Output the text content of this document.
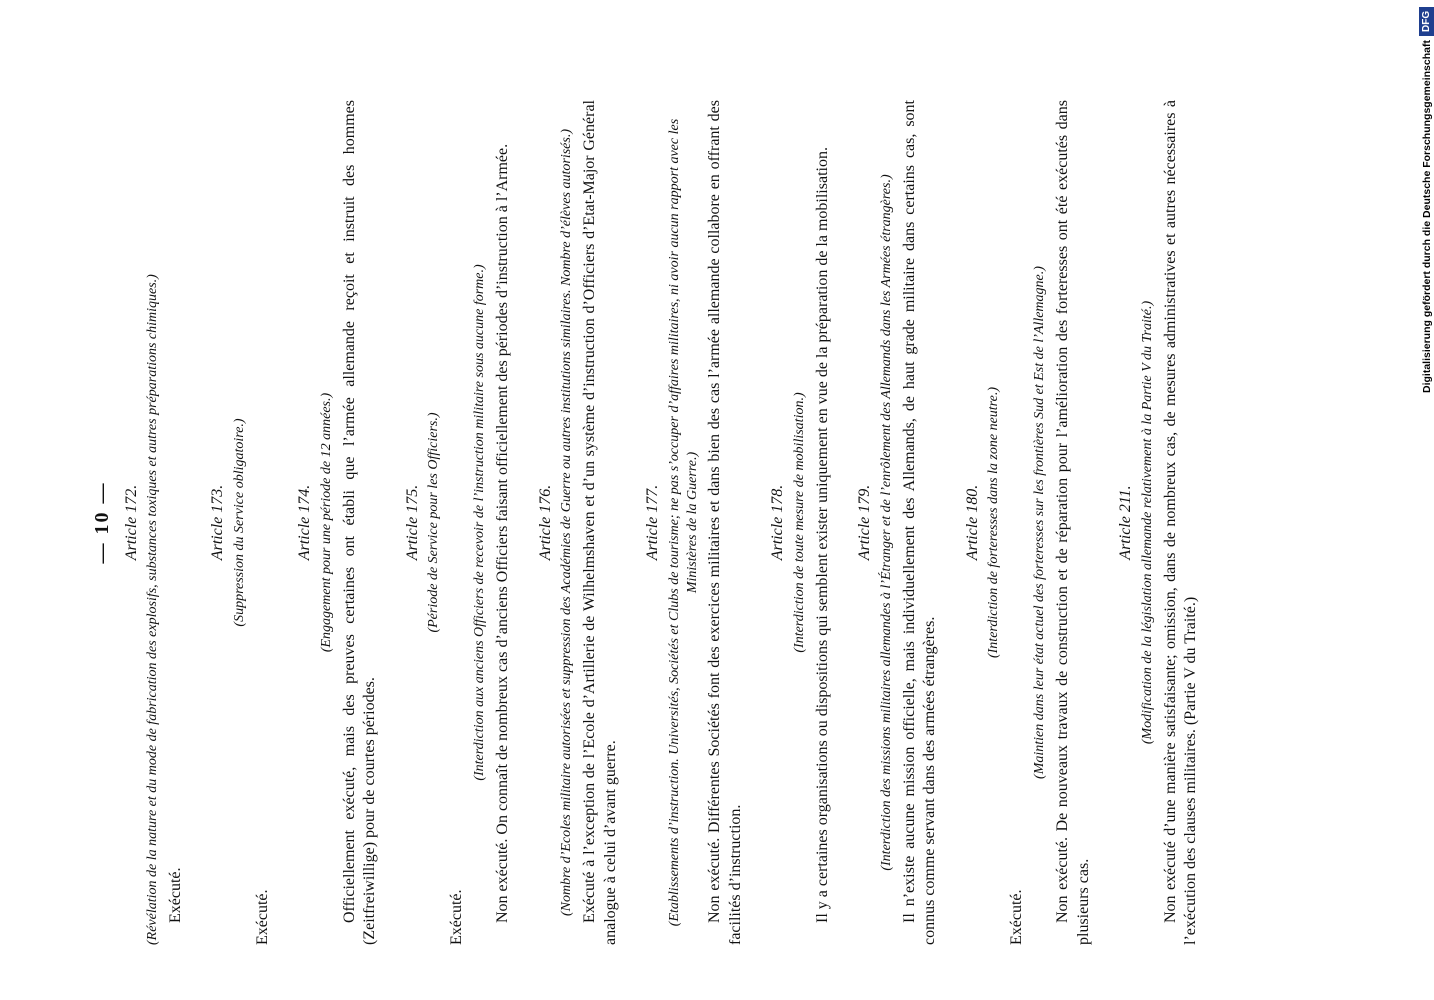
— 10 — Article 172. (Révélation de la nature et du mode de fabrication des explosifs, substances toxiques et autres préparations chimiques.) Exécuté.

Article 173. (Suppression du Service obligatoire.)

Exécuté.

Article 174. (Engagement pour une période de 12 années.) Officiellement exécuté, mais des preuves certaines ont établi que l’armée allemande reçoit et instruit des hommes (Zeitfreiwillige) pour de courtes périodes.

Article 175. (Période de Service pour les Officiers.)

Exécuté.

(Interdiction aux anciens Officiers de recevoir de l’instruction militaire sous aucune forme.) Non exécuté. On connaît de nombreux cas d’anciens Officiers faisant officiellement des périodes d’instruction à l’Armée. Article 176. (Nombre d’Ecoles militaire autorisées et suppression des Académies de Guerre ou autres institutions similaires. Nombre d’élèves autorisés.) Exécuté à l’exception de l’Ecole d’Artillerie de Wilhelmshaven et d’un système d’instruction d’Officiers d’Etat-Major Général analogue à celui d’avant guerre.

Article 177. (Etablissements d’instruction. Universités, Sociétés et Clubs de tourisme; ne pas s’occuper d’affaires militaires, ni avoir aucun rapport avec les Ministères de la Guerre.) Non exécuté. Différentes Sociétés font des exercices militaires et dans bien des cas l’armée allemande collabore en offrant des facilités d’instruction.

Article 178. (Interdiction de toute mesure de mobilisation.) Il y a certaines organisations ou dispositions qui semblent exister uniquement en vue de la préparation de la mobilisation. Article 179. (Interdiction des missions militaires allemandes à l’Étranger et de l’enrôlement des Allemands dans les Armées étrangères.) Il n’existe aucune mission officielle, mais individuellement des Allemands, de haut grade militaire dans certains cas, sont connus comme servant dans des armées étrangères.

Article 180. (Interdiction de forteresses dans la zone neutre.)

Exécuté.

(Maintien dans leur état actuel des forteresses sur les frontières Sud et Est de l’Allemagne.) Non exécuté. De nouveaux travaux de construction et de réparation pour l’amélioration des forteresses ont été exécutés dans plusieurs cas.

Article 211. (Modification de la législation allemande relativement à la Partie V du Traité.) Non exécuté d’une manière satisfaisante; omission, dans de nombreux cas, de mesures administratives et autres nécessaires à l’exécution des clauses militaires. (Partie V du Traité.)

Digitalisierung gefördert durch die Deutsche Forschungsgemeinschaft
DFG
